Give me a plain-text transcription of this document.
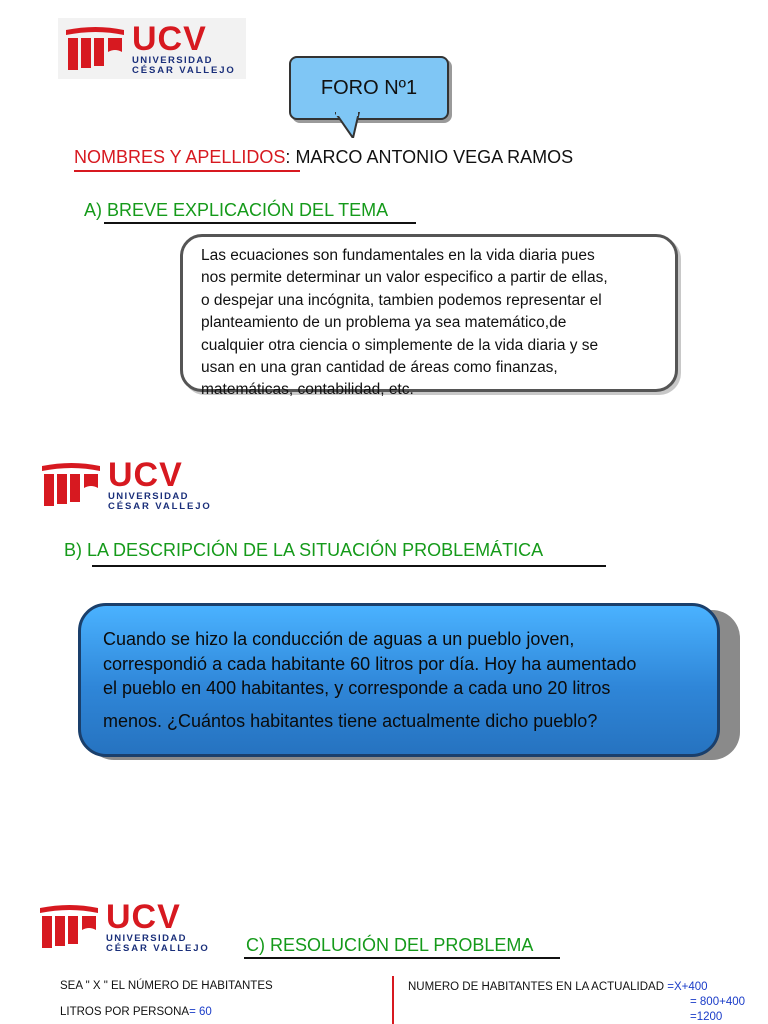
UCV
UNIVERSIDAD
CÉSAR VALLEJO
FORO Nº1
NOMBRES Y APELLIDOS: MARCO ANTONIO VEGA RAMOS
A) BREVE EXPLICACIÓN DEL TEMA
Las ecuaciones son fundamentales en la vida diaria pues
nos permite determinar un valor especifico a partir de ellas,
o despejar una incógnita, tambien podemos representar el
planteamiento de un problema ya sea matemático,de
cualquier otra ciencia o simplemente de la vida diaria y se
usan en una gran cantidad de áreas como finanzas,
matemáticas, contabilidad, etc.
UCV
UNIVERSIDAD
CÉSAR VALLEJO
B) LA DESCRIPCIÓN DE LA SITUACIÓN PROBLEMÁTICA
Cuando se hizo la conducción de aguas a un pueblo joven,
correspondió a cada habitante 60 litros por día. Hoy ha aumentado
el pueblo en 400 habitantes, y corresponde a cada uno 20 litros
menos. ¿Cuántos habitantes tiene actualmente dicho pueblo?
UCV
UNIVERSIDAD
CÉSAR VALLEJO C) RESOLUCIÓN DEL PROBLEMA
SEA " X " EL NÚMERO DE HABITANTES
LITROS POR PERSONA= 60
NUMERO DE HABITANTES EN LA ACTUALIDAD =X+400
= 800+400
=1200
